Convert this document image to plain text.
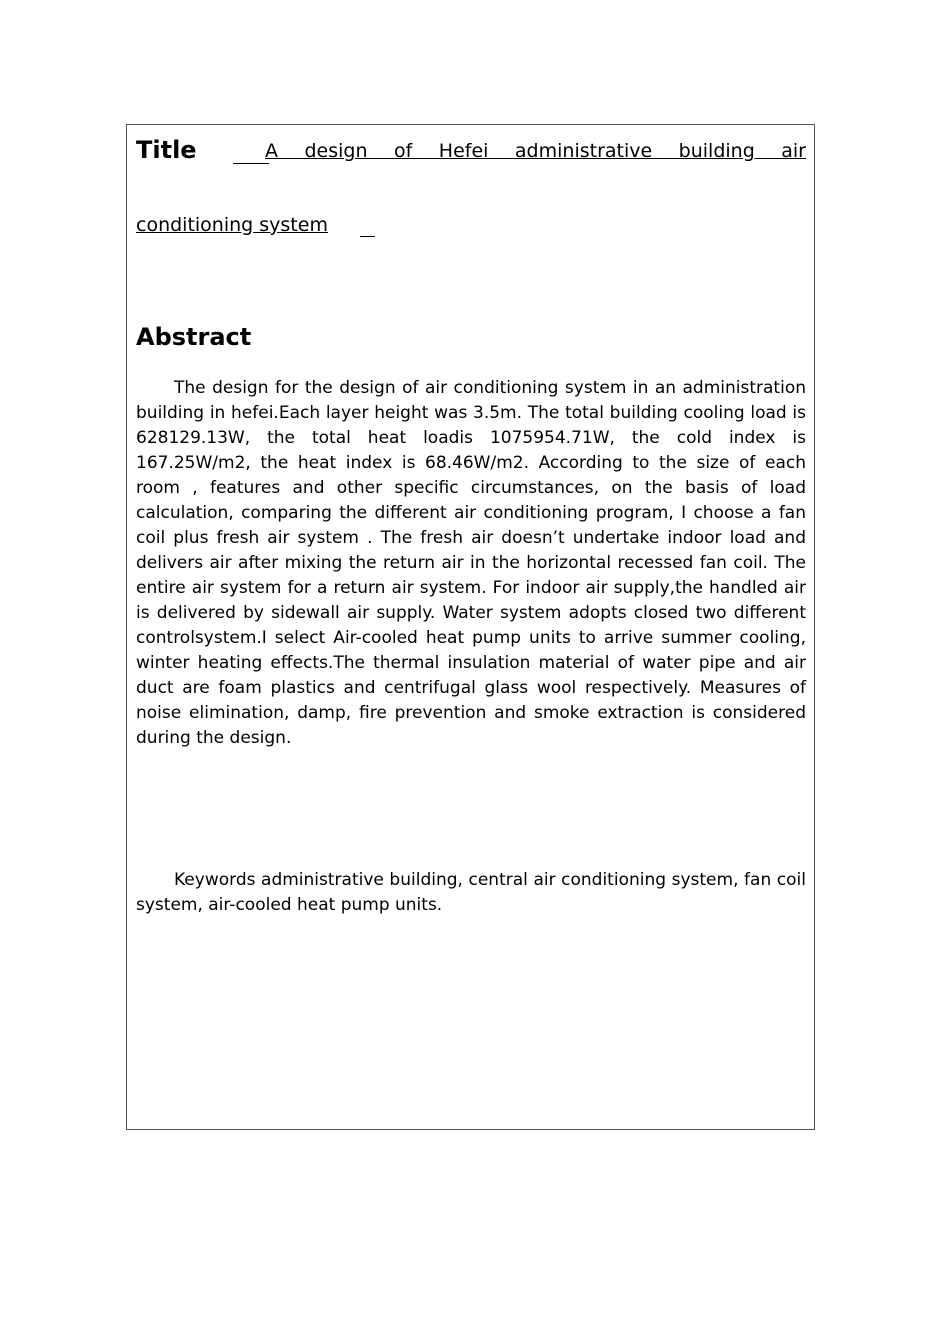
Title	A design of Hefei administrative building air
conditioning system
Abstract

The design for the design of air conditioning system in an administration building in hefei.Each layer height was 3.5m. The total building cooling load is 628129.13W, the total heat loadis 1075954.71W, the cold index is 167.25W/m2, the heat index is 68.46W/m2. According to the size of each room , features and other specific circumstances, on the basis of load calculation, comparing the different air conditioning program, I choose a fan coil plus fresh air system . The fresh air doesn’t undertake indoor load and delivers air after mixing the return air in the horizontal recessed fan coil. The entire air system for a return air system. For indoor air supply,the handled air is delivered by sidewall air supply. Water system adopts closed two different controlsystem.I select Air-cooled heat pump units to arrive summer cooling, winter heating effects.The thermal insulation material of water pipe and air duct are foam plastics and centrifugal glass wool respectively. Measures of noise elimination, damp, fire prevention and smoke extraction is considered during the design.

Keywords administrative building, central air conditioning system, fan coil system, air-cooled heat pump units.
